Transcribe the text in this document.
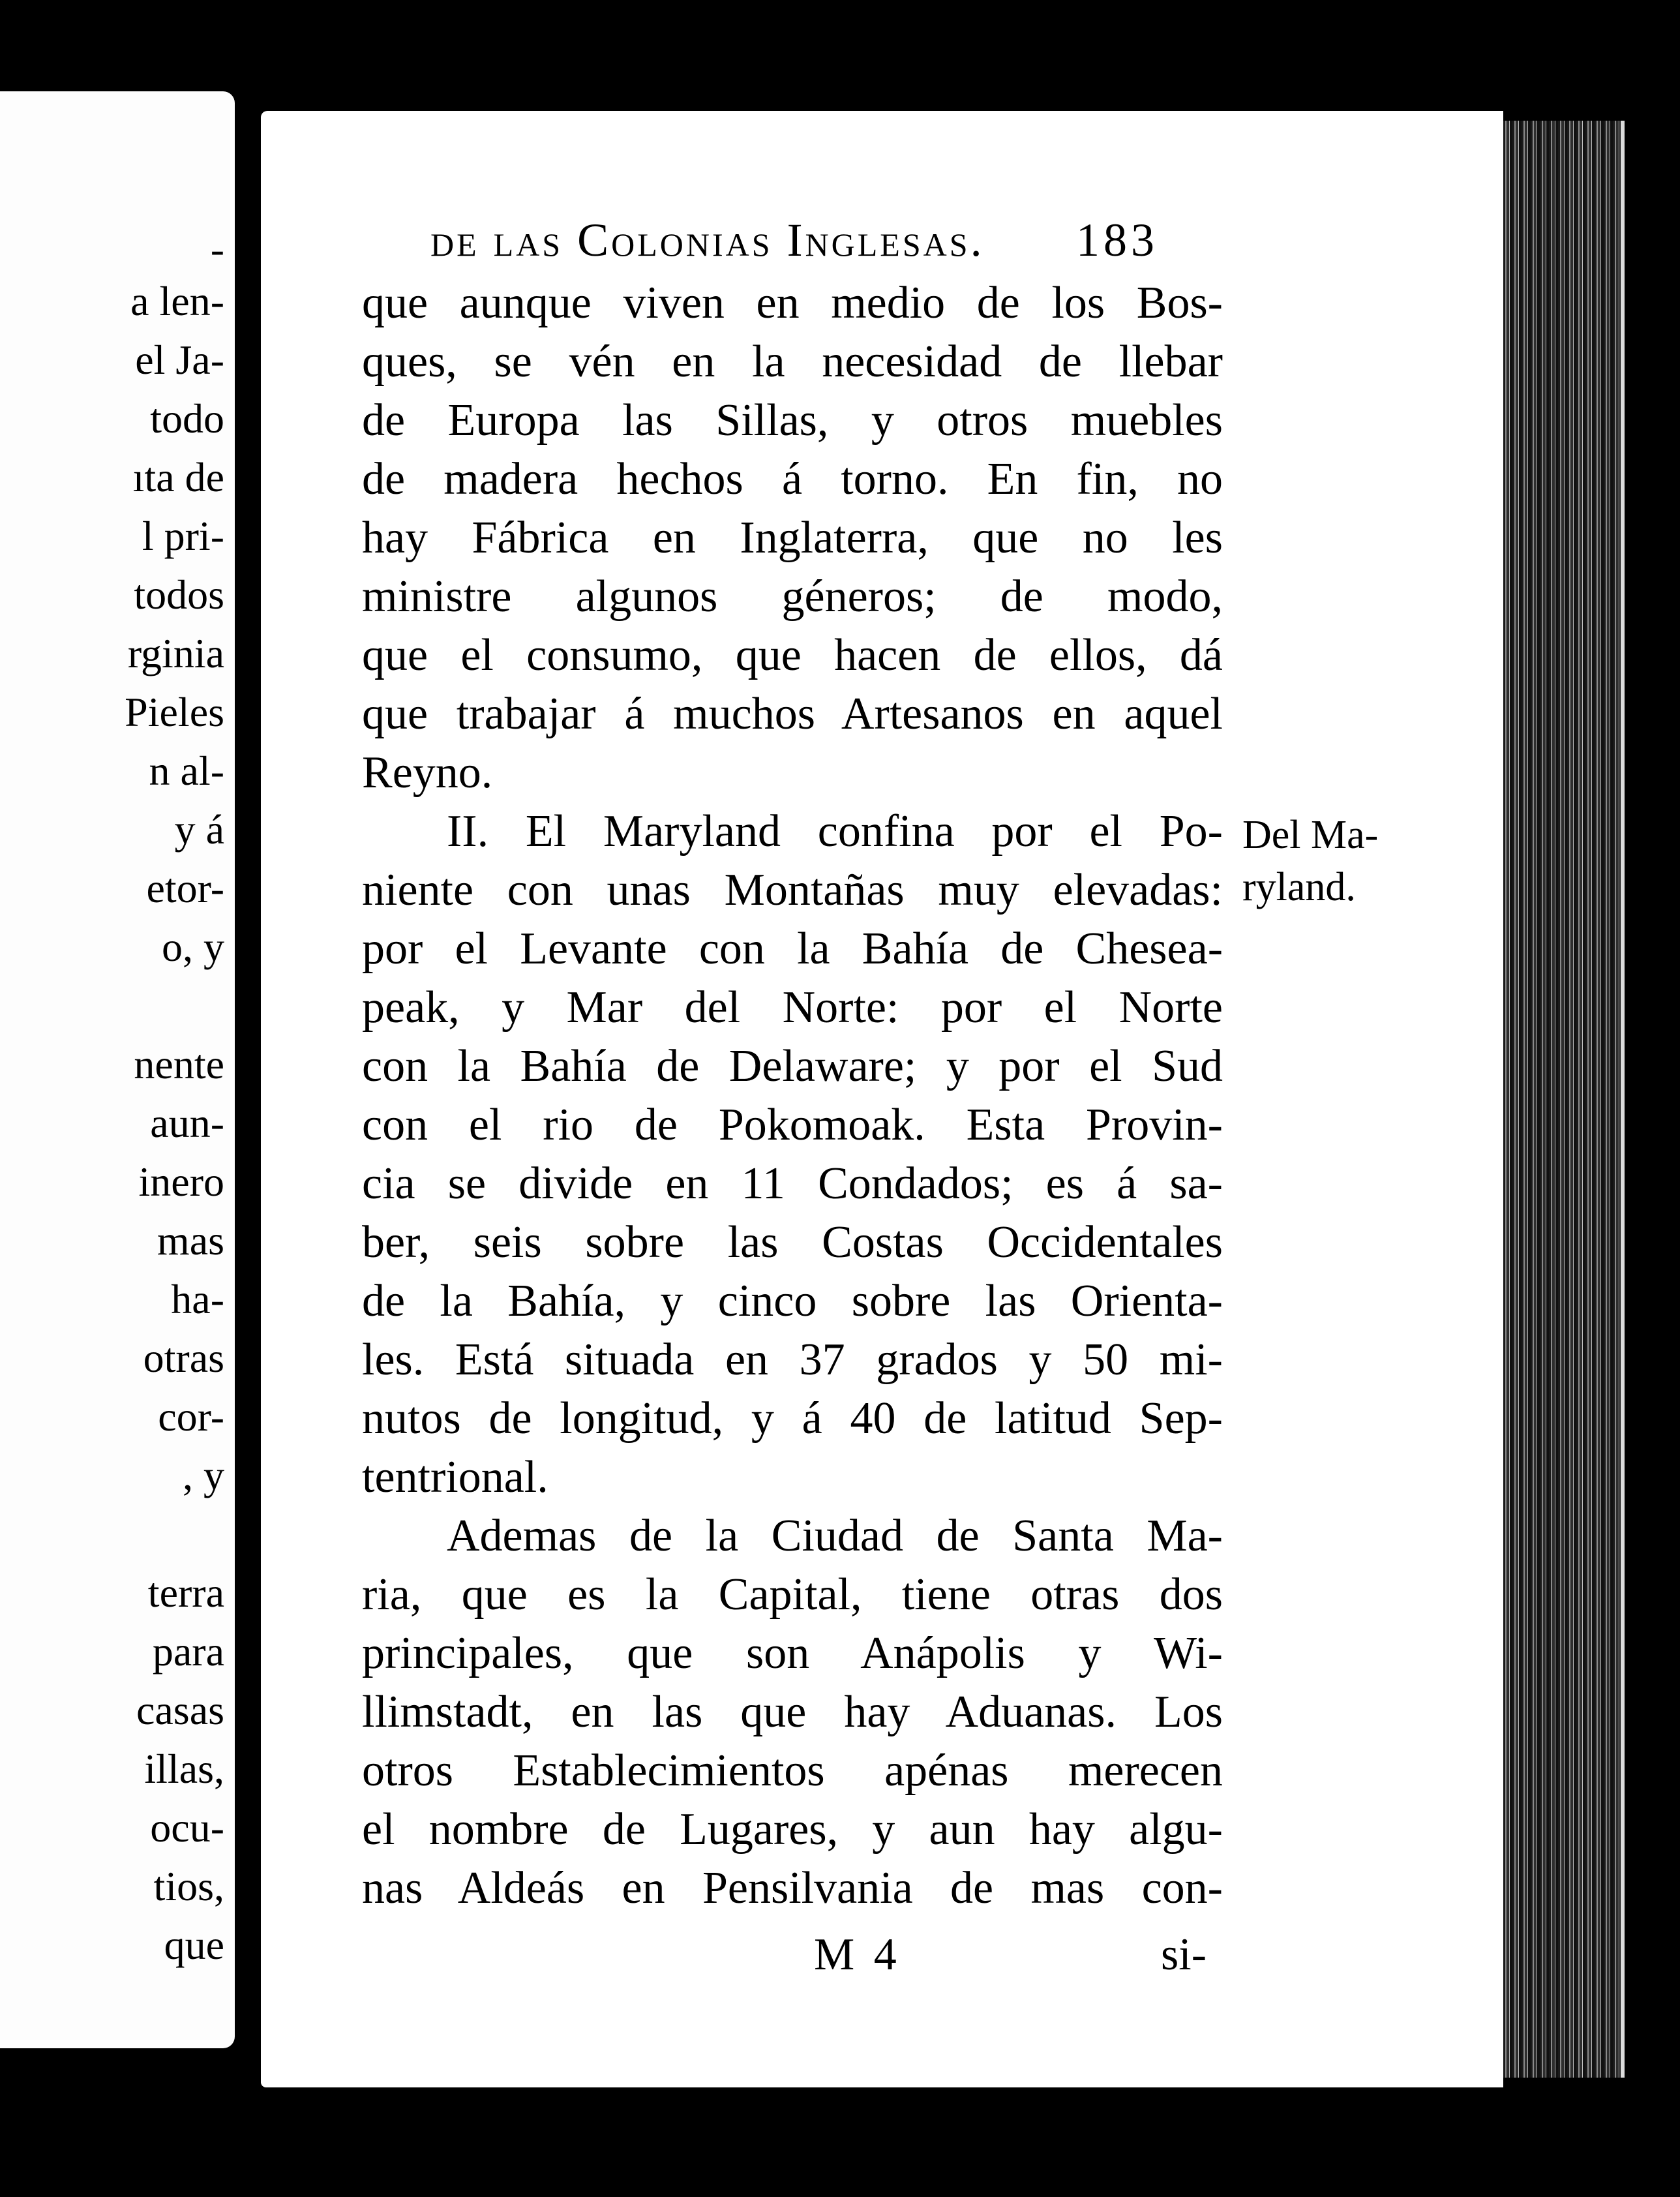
-
a len-
el Ja-
todo
ıta de
l pri-
todos
rginia
Pieles
n al-
y á
etor-
o, y
nente
aun-
inero
mas
ha-
otras
cor-
, y
terra
para
casas
illas,
ocu-
tios,
que
de las Colonias Inglesas. 183
que aunque viven en medio de los Bos-
ques, se vén en la necesidad de llebar
de Europa las Sillas, y otros muebles
de madera hechos á torno. En fin, no
hay Fábrica en Inglaterra, que no les
ministre algunos géneros; de modo,
que el consumo, que hacen de ellos, dá
que trabajar á muchos Artesanos en aquel
Reyno.
II. El Maryland confina por el Po-
niente con unas Montañas muy elevadas:
por el Levante con la Bahía de Chesea-
peak, y Mar del Norte: por el Norte
con la Bahía de Delaware; y por el Sud
con el rio de Pokomoak. Esta Provin-
cia se divide en 11 Condados; es á sa-
ber, seis sobre las Costas Occidentales
de la Bahía, y cinco sobre las Orienta-
les. Está situada en 37 grados y 50 mi-
nutos de longitud, y á 40 de latitud Sep-
tentrional.
Ademas de la Ciudad de Santa Ma-
ria, que es la Capital, tiene otras dos
principales, que son Anápolis y Wi-
llimstadt, en las que hay Aduanas. Los
otros Establecimientos apénas merecen
el nombre de Lugares, y aun hay algu-
nas Aldeás en Pensilvania de mas con-
Del Ma-
ryland.
M 4	si-
